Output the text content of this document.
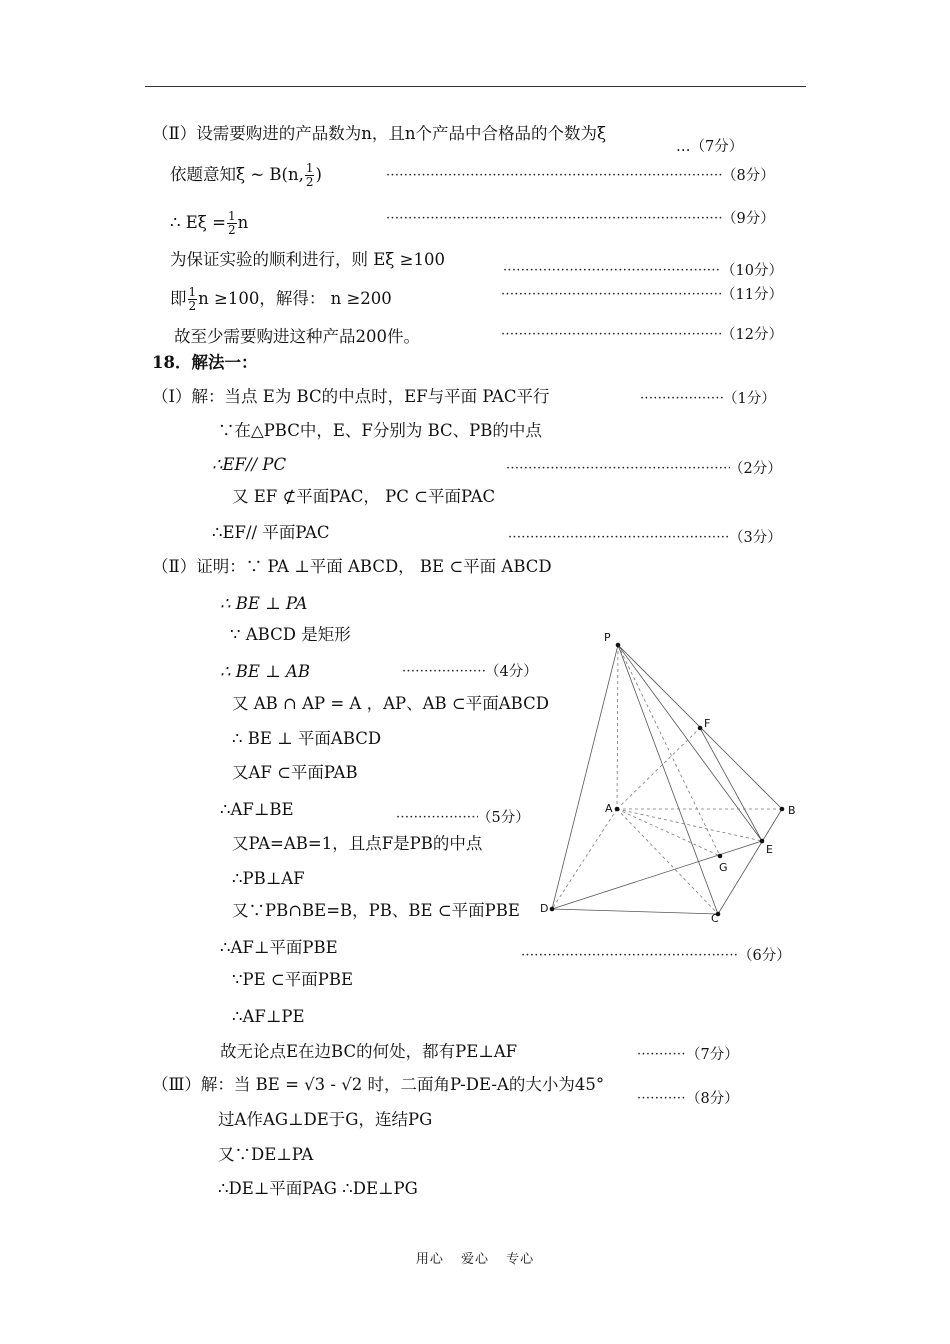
（Ⅱ）设需要购进的产品数为n，且n个产品中合格品的个数为ξ
…（7分）
依题意知ξ ~ B(n, $\frac{1}{2}$ ) ·····	（8分）
∴ $E\xi = \frac{1}{2}$ n ·····	（9分）
为保证实验的顺利进行，则 Eξ ≥100
·····
（10分）
即 $\frac{1}{2}$ n ≥100，解得： n ≥200 ·····	（11分）
故至少需要购进这种产品200件。 ·····	（12分）
18．解法一：
（Ⅰ）解：当点 E为 BC的中点时，EF与平面 PAC平行 ·····	（1分）
∵在△PBC中，E、F分别为 BC、PB的中点
∴EF// PC ·····	（2分）
又 EF ⊄平面PAC， PC ⊂平面PAC
∴EF// 平面PAC ·····	（3分）
（Ⅱ）证明：∵ PA ⊥平面 ABCD， BE ⊂平面 ABCD
∴ BE ⊥ PA
∵ ABCD 是矩形
∴ BE ⊥ AB ·····	（4分）
又 AB ∩ AP = A ，AP、AB ⊂平面ABCD
∴ BE ⊥ 平面ABCD
又AF ⊂平面PAB
∴AF⊥BE ·····	（5分）
又PA=AB=1，且点F是PB的中点
∴PB⊥AF
又∵PB∩BE=B，PB、BE ⊂平面PBE
∴AF⊥平面PBE ·····	（6分）
∵PE ⊂平面PBE
∴AF⊥PE
故无论点E在边BC的何处，都有PE⊥AF ·····	（7分）
（Ⅲ）解：当 BE = √3 - √2 时，二面角P-DE-A的大小为45°
·····
（8分）
过A作AG⊥DE于G，连结PG
又∵DE⊥PA
∴DE⊥平面PAG ∴DE⊥PG
P
F
A	B
E
G
D
C
用心 爱心 专心
